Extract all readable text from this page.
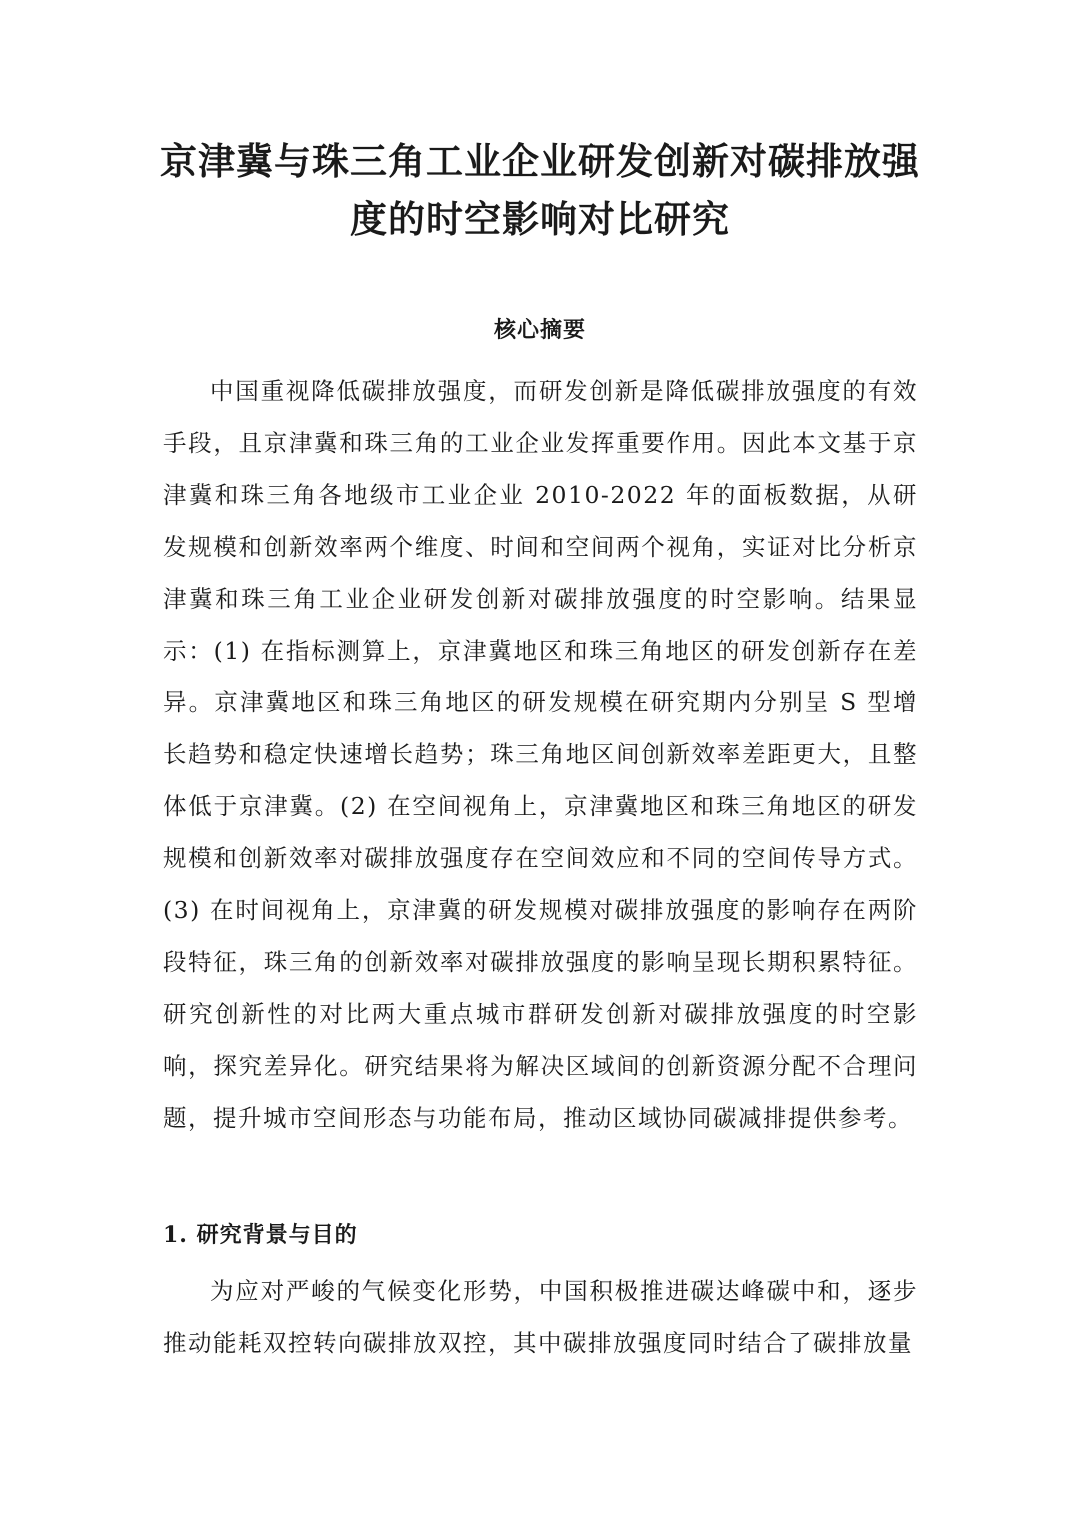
京津冀与珠三角工业企业研发创新对碳排放强度的时空影响对比研究
核心摘要

中国重视降低碳排放强度，而研发创新是降低碳排放强度的有效手段，且京津冀和珠三角的工业企业发挥重要作用。因此本文基于京津冀和珠三角各地级市工业企业 2010-2022 年的面板数据，从研发规模和创新效率两个维度、时间和空间两个视角，实证对比分析京津冀和珠三角工业企业研发创新对碳排放强度的时空影响。结果显示：(1) 在指标测算上，京津冀地区和珠三角地区的研发创新存在差异。京津冀地区和珠三角地区的研发规模在研究期内分别呈 S 型增长趋势和稳定快速增长趋势；珠三角地区间创新效率差距更大，且整体低于京津冀。(2) 在空间视角上，京津冀地区和珠三角地区的研发规模和创新效率对碳排放强度存在空间效应和不同的空间传导方式。(3) 在时间视角上，京津冀的研发规模对碳排放强度的影响存在两阶段特征，珠三角的创新效率对碳排放强度的影响呈现长期积累特征。研究创新性的对比两大重点城市群研发创新对碳排放强度的时空影响，探究差异化。研究结果将为解决区域间的创新资源分配不合理问题，提升城市空间形态与功能布局，推动区域协同碳减排提供参考。

1. 研究背景与目的

为应对严峻的气候变化形势，中国积极推进碳达峰碳中和，逐步推动能耗双控转向碳排放双控，其中碳排放强度同时结合了碳排放量
